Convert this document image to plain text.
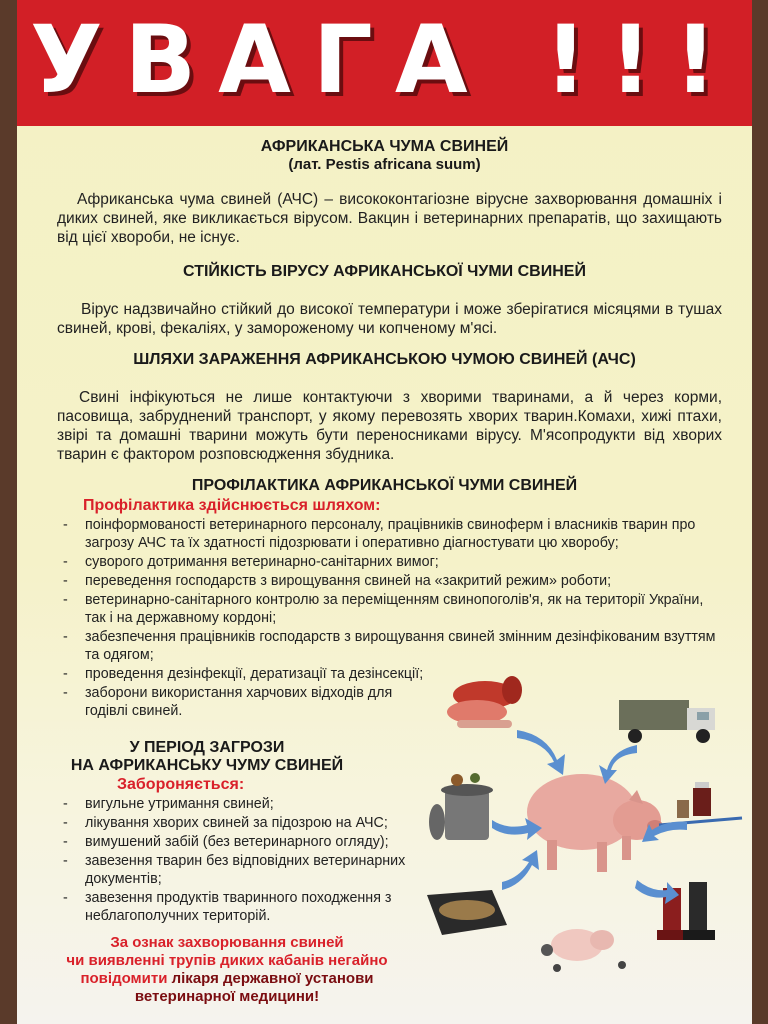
УВАГА !!!
АФРИКАНСЬКА ЧУМА СВИНЕЙ
(лат. Pestis africana suum)
Африканська чума свиней (АЧС) – висококонтагіозне вірусне захворювання домашніх і диких свиней, яке викликається вірусом. Вакцин і ветеринарних препаратів, що захищають від цієї хвороби, не існує.
СТІЙКІСТЬ ВІРУСУ АФРИКАНСЬКОЇ ЧУМИ СВИНЕЙ
Вірус надзвичайно стійкий до високої температури і може зберігатися місяцями в тушах свиней, крові, фекаліях, у замороженому чи копченому м'ясі.
ШЛЯХИ ЗАРАЖЕННЯ АФРИКАНСЬКОЮ ЧУМОЮ СВИНЕЙ (АЧС)
Свині інфікуються не лише контактуючи з хворими тваринами, а й через корми, пасовища, забруднений транспорт, у якому перевозять хворих тварин.Комахи, хижі птахи, звірі та домашні тварини можуть бути переносниками вірусу. М'ясопродукти від хворих тварин є фактором розповсюдження збудника.
ПРОФІЛАКТИКА АФРИКАНСЬКОЇ ЧУМИ СВИНЕЙ
Профілактика здійснюється шляхом:
- поінформованості ветеринарного персоналу, працівників свиноферм і власників тварин про загрозу АЧС та їх здатності підозрювати і оперативно діагностувати цю хворобу;
- суворого дотримання ветеринарно-санітарних вимог;
- переведення господарств з вирощування свиней на «закритий режим» роботи;
- ветеринарно-санітарного контролю за переміщенням свинопоголів'я, як на території України, так і на державному кордоні;
- забезпечення працівників господарств з вирощування свиней змінним дезінфікованим взуттям та одягом;
- проведення дезінфекції, дератизації та дезінсекції;
- заборони використання харчових відходів для годівлі свиней.
У ПЕРІОД ЗАГРОЗИ
НА АФРИКАНСЬКУ ЧУМУ СВИНЕЙ
Забороняється:
- вигульне утримання свиней;
- лікування хворих свиней за підозрою на АЧС;
- вимушений забій (без ветеринарного огляду);
- завезення тварин без відповідних ветеринарних документів;
- завезення продуктів тваринного походження з неблагополучних територій.
За ознак захворювання свиней
чи виявленні трупів диких кабанів негайно
повідомити лікаря державної установи
ветеринарної медицини!
